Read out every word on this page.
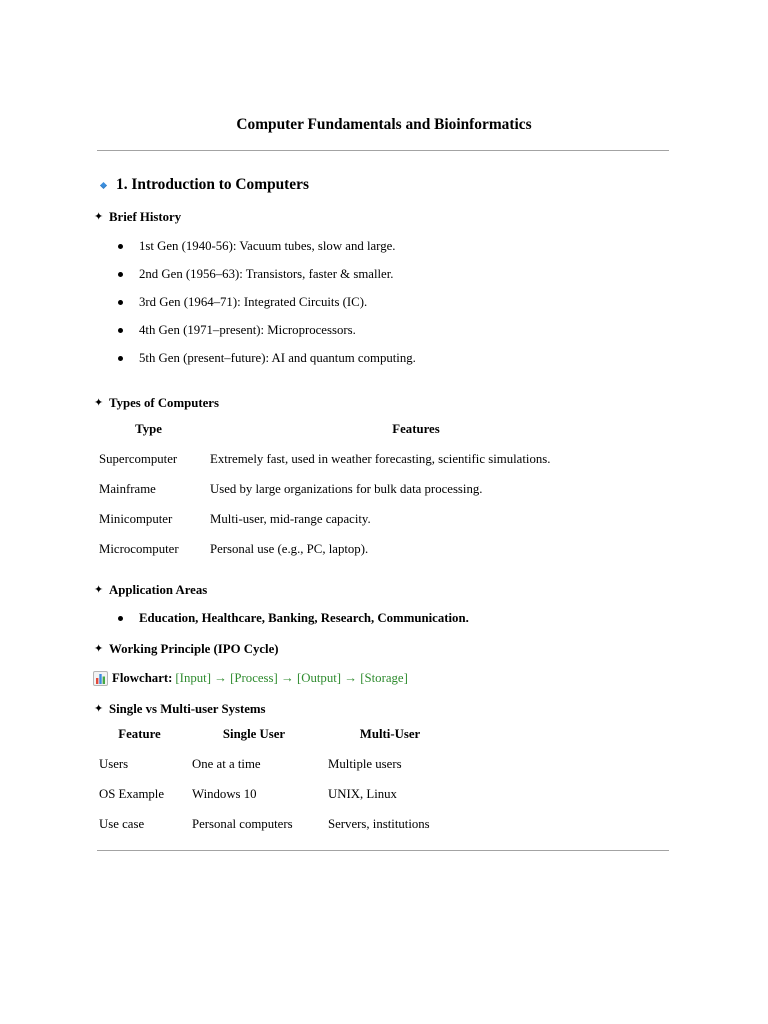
Computer Fundamentals and Bioinformatics
1. Introduction to Computers
✦ Brief History
1st Gen (1940-56): Vacuum tubes, slow and large.
2nd Gen (1956–63): Transistors, faster & smaller.
3rd Gen (1964–71): Integrated Circuits (IC).
4th Gen (1971–present): Microprocessors.
5th Gen (present–future): AI and quantum computing.
✦ Types of Computers
Type	Features
Supercomputer	Extremely fast, used in weather forecasting, scientific simulations.
Mainframe	Used by large organizations for bulk data processing.
Minicomputer	Multi-user, mid-range capacity.
Microcomputer	Personal use (e.g., PC, laptop).
✦ Application Areas
Education, Healthcare, Banking, Research, Communication.
✦ Working Principle (IPO Cycle)
Flowchart: [Input] → [Process] → [Output] → [Storage]
✦ Single vs Multi-user Systems
Feature	Single User	Multi-User
Users	One at a time	Multiple users
OS Example	Windows 10	UNIX, Linux
Use case	Personal computers	Servers, institutions
